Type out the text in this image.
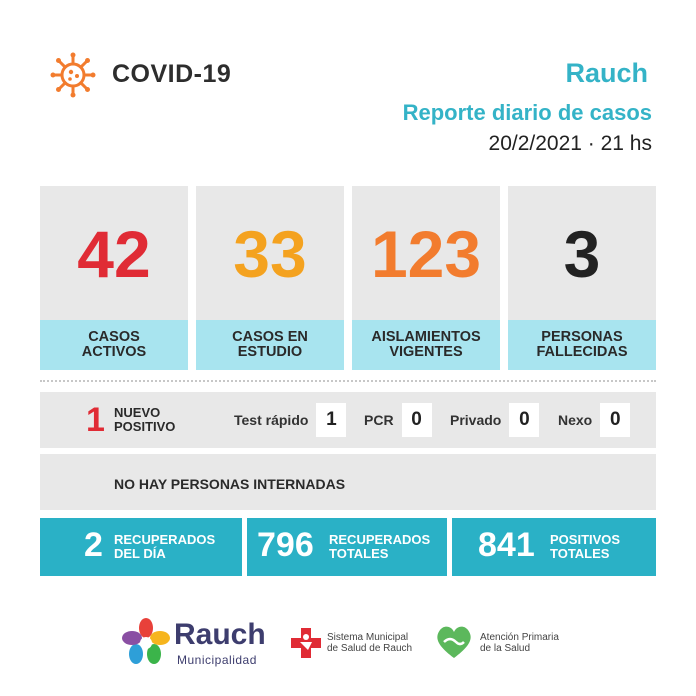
COVID-19	Rauch
Reporte diario de casos
20/2/2021 · 21 hs
42
CASOS
ACTIVOS
33
CASOS EN
ESTUDIO
123
AISLAMIENTOS
VIGENTES
3
PERSONAS
FALLECIDAS
1 NUEVO
POSITIVO	Test rápido 1	PCR 0	Privado 0	Nexo 0
NO HAY PERSONAS INTERNADAS
2 RECUPERADOS
DEL DÍA	796 RECUPERADOS
TOTALES	841 POSITIVOS
TOTALES
Rauch
Municipalidad
Sistema Municipal
de Salud de Rauch
Atención Primaria
de la Salud
